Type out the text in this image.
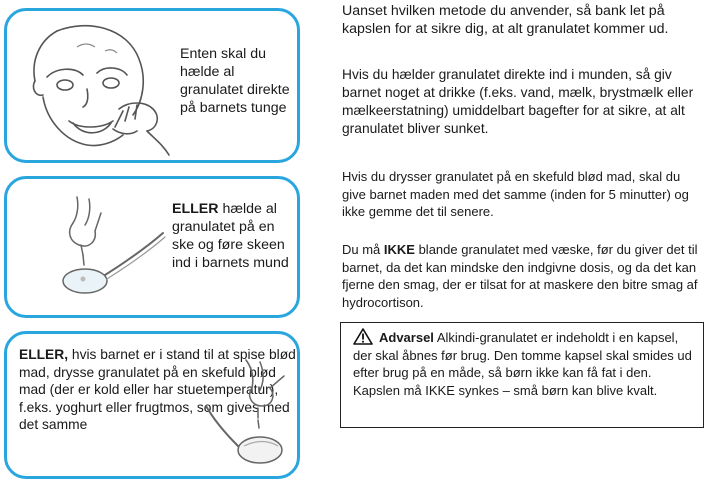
Enten skal du hælde al granulatet direkte på barnets tunge
ELLER hælde al granulatet på en ske og føre skeen ind i barnets mund
ELLER, hvis barnet er i stand til at spise blød mad, drysse granulatet på en skefuld blød mad (der er kold eller har stuetemperatur), f.eks. yoghurt eller frugtmos, som gives med det samme

Uanset hvilken metode du anvender, så bank let på kapslen for at sikre dig, at alt granulatet kommer ud.

Hvis du hælder granulatet direkte ind i munden, så giv barnet noget at drikke (f.eks. vand, mælk, brystmælk eller mælkeerstatning) umiddelbart bagefter for at sikre, at alt granulatet bliver sunket.

Hvis du drysser granulatet på en skefuld blød mad, skal du give barnet maden med det samme (inden for 5 minutter) og ikke gemme det til senere.

Du må IKKE blande granulatet med væske, før du giver det til barnet, da det kan mindske den indgivne dosis, og da det kan fjerne den smag, der er tilsat for at maskere den bitre smag af hydrocortison.

Advarsel Alkindi-granulatet er indeholdt i en kapsel, der skal åbnes før brug. Den tomme kapsel skal smides ud efter brug på en måde, så børn ikke kan få fat i den. Kapslen må IKKE synkes – små børn kan blive kvalt.
